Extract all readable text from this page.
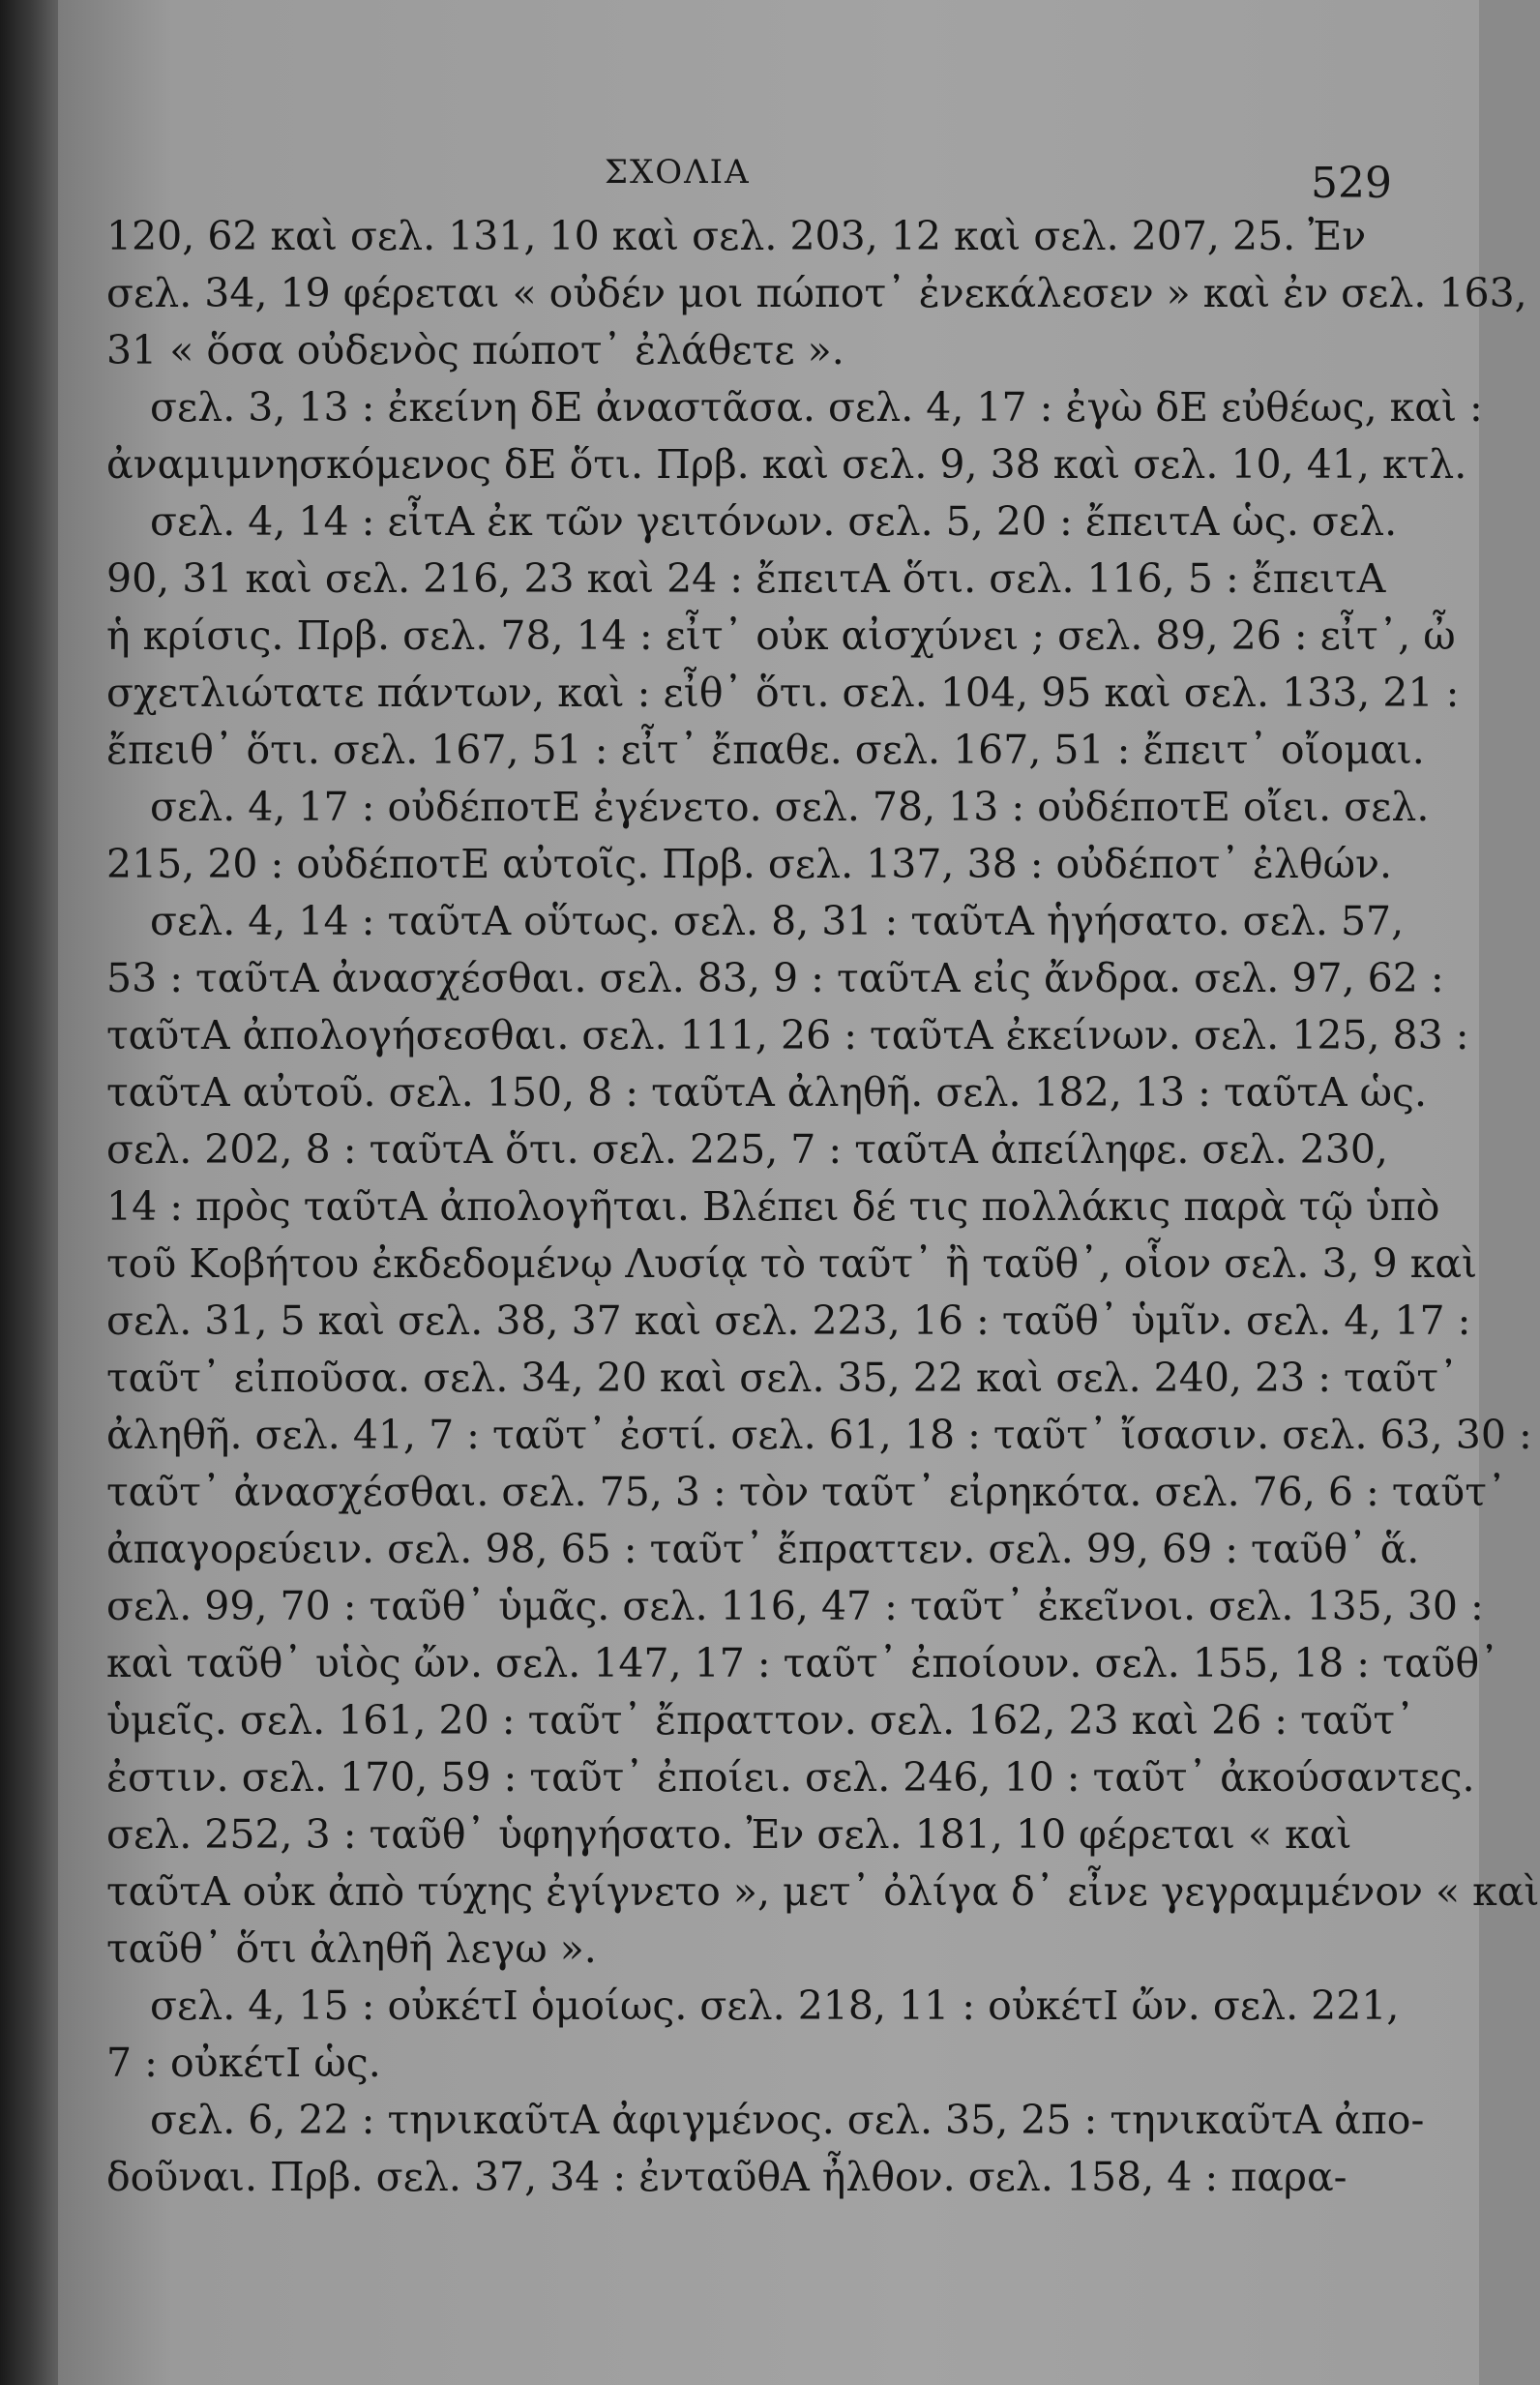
ΣΧΟΛΙΑ	529
120, 62 καὶ σελ. 131, 10 καὶ σελ. 203, 12 καὶ σελ. 207, 25. Ἐν
σελ. 34, 19 φέρεται « οὐδέν μοι πώποτ᾽ ἐνεκάλεσεν » καὶ ἐν σελ. 163,
31 « ὅσα οὐδενὸς πώποτ᾽ ἐλάθετε ».
σελ. 3, 13 : ἐκείνη δΕ ἀναστᾶσα. σελ. 4, 17 : ἐγὼ δΕ εὐθέως, καὶ :
ἀναμιμνησκόμενος δΕ ὅτι. Πρβ. καὶ σελ. 9, 38 καὶ σελ. 10, 41, κτλ.
σελ. 4, 14 : εἶτΑ ἐκ τῶν γειτόνων. σελ. 5, 20 : ἔπειτΑ ὡς. σελ.
90, 31 καὶ σελ. 216, 23 καὶ 24 : ἔπειτΑ ὅτι. σελ. 116, 5 : ἔπειτΑ
ἡ κρίσις. Πρβ. σελ. 78, 14 : εἶτ᾽ οὐκ αἰσχύνει ; σελ. 89, 26 : εἶτ᾽, ὦ
σχετλιώτατε πάντων, καὶ : εἶθ᾽ ὅτι. σελ. 104, 95 καὶ σελ. 133, 21 :
ἔπειθ᾽ ὅτι. σελ. 167, 51 : εἶτ᾽ ἔπαθε. σελ. 167, 51 : ἔπειτ᾽ οἴομαι.
σελ. 4, 17 : οὐδέποτΕ ἐγένετο. σελ. 78, 13 : οὐδέποτΕ οἴει. σελ.
215, 20 : οὐδέποτΕ αὐτοῖς. Πρβ. σελ. 137, 38 : οὐδέποτ᾽ ἐλθών.
σελ. 4, 14 : ταῦτΑ οὕτως. σελ. 8, 31 : ταῦτΑ ἡγήσατο. σελ. 57,
53 : ταῦτΑ ἀνασχέσθαι. σελ. 83, 9 : ταῦτΑ εἰς ἄνδρα. σελ. 97, 62 :
ταῦτΑ ἀπολογήσεσθαι. σελ. 111, 26 : ταῦτΑ ἐκείνων. σελ. 125, 83 :
ταῦτΑ αὐτοῦ. σελ. 150, 8 : ταῦτΑ ἀληθῆ. σελ. 182, 13 : ταῦτΑ ὡς.
σελ. 202, 8 : ταῦτΑ ὅτι. σελ. 225, 7 : ταῦτΑ ἀπείληφε. σελ. 230,
14 : πρὸς ταῦτΑ ἀπολογῆται. Βλέπει δέ τις πολλάκις παρὰ τῷ ὑπὸ
τοῦ Κοβήτου ἐκδεδομένῳ Λυσίᾳ τὸ ταῦτ᾽ ἢ ταῦθ᾽, οἷον σελ. 3, 9 καὶ
σελ. 31, 5 καὶ σελ. 38, 37 καὶ σελ. 223, 16 : ταῦθ᾽ ὑμῖν. σελ. 4, 17 :
ταῦτ᾽ εἰποῦσα. σελ. 34, 20 καὶ σελ. 35, 22 καὶ σελ. 240, 23 : ταῦτ᾽
ἀληθῆ. σελ. 41, 7 : ταῦτ᾽ ἐστί. σελ. 61, 18 : ταῦτ᾽ ἴσασιν. σελ. 63, 30 :
ταῦτ᾽ ἀνασχέσθαι. σελ. 75, 3 : τὸν ταῦτ᾽ εἰρηκότα. σελ. 76, 6 : ταῦτ᾽
ἀπαγορεύειν. σελ. 98, 65 : ταῦτ᾽ ἔπραττεν. σελ. 99, 69 : ταῦθ᾽ ἅ.
σελ. 99, 70 : ταῦθ᾽ ὑμᾶς. σελ. 116, 47 : ταῦτ᾽ ἐκεῖνοι. σελ. 135, 30 :
καὶ ταῦθ᾽ υἱὸς ὤν. σελ. 147, 17 : ταῦτ᾽ ἐποίουν. σελ. 155, 18 : ταῦθ᾽
ὑμεῖς. σελ. 161, 20 : ταῦτ᾽ ἔπραττον. σελ. 162, 23 καὶ 26 : ταῦτ᾽
ἐστιν. σελ. 170, 59 : ταῦτ᾽ ἐποίει. σελ. 246, 10 : ταῦτ᾽ ἀκούσαντες.
σελ. 252, 3 : ταῦθ᾽ ὑφηγήσατο. Ἐν σελ. 181, 10 φέρεται « καὶ
ταῦτΑ οὐκ ἀπὸ τύχης ἐγίγνετο », μετ᾽ ὀλίγα δ᾽ εἶνε γεγραμμένον « καὶ
ταῦθ᾽ ὅτι ἀληθῆ λεγω ».
σελ. 4, 15 : οὐκέτΙ ὁμοίως. σελ. 218, 11 : οὐκέτΙ ὤν. σελ. 221,
7 : οὐκέτΙ ὡς.
σελ. 6, 22 : τηνικαῦτΑ ἀφιγμένος. σελ. 35, 25 : τηνικαῦτΑ ἀπο-
δοῦναι. Πρβ. σελ. 37, 34 : ἐνταῦθΑ ἦλθον. σελ. 158, 4 : παρα-
